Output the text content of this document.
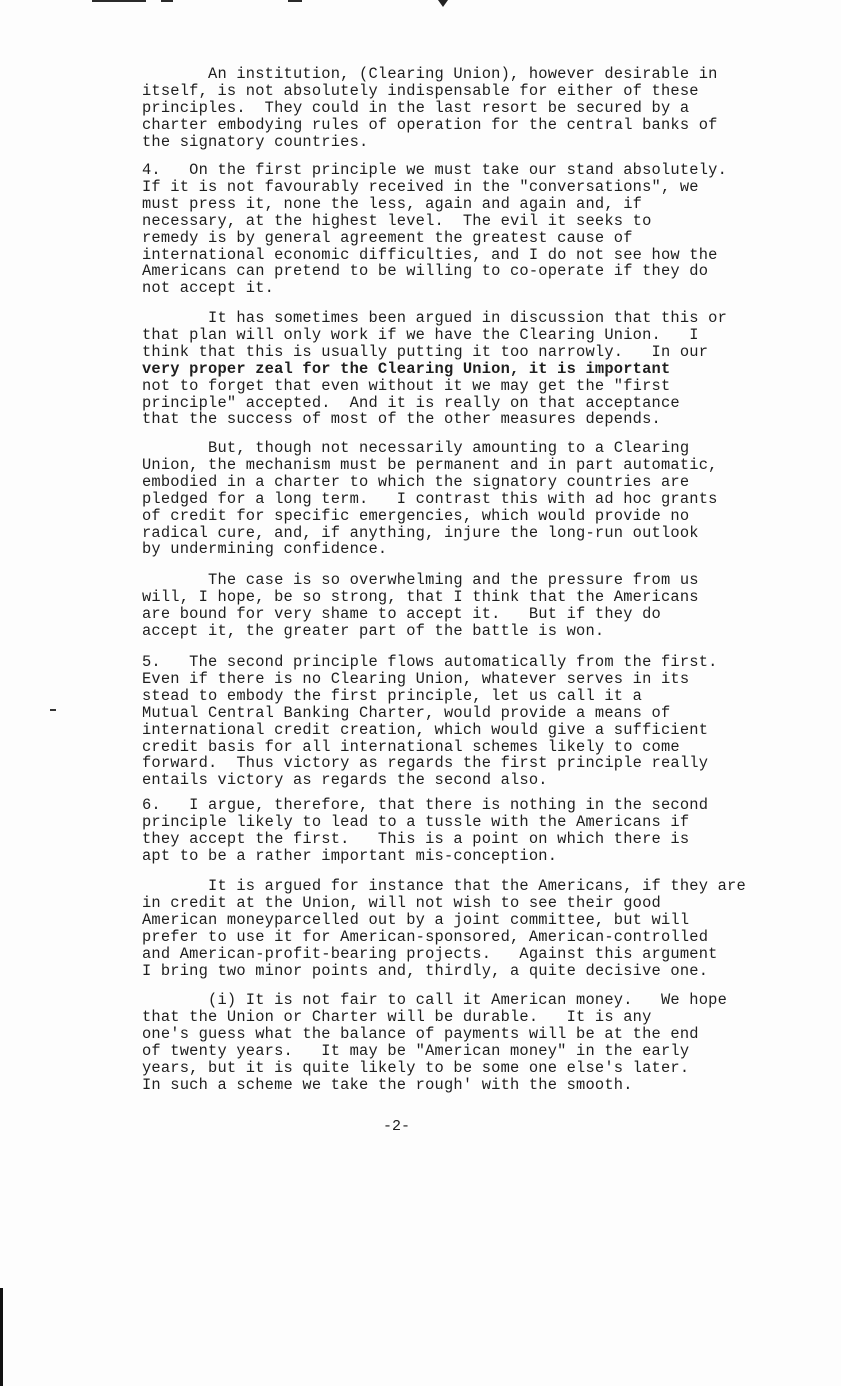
An institution, (Clearing Union), however desirable in
itself, is not absolutely indispensable for either of these
principles.  They could in the last resort be secured by a
charter embodying rules of operation for the central banks of
the signatory countries.
4.   On the first principle we must take our stand absolutely.
If it is not favourably received in the "conversations", we
must press it, none the less, again and again and, if
necessary, at the highest level.  The evil it seeks to
remedy is by general agreement the greatest cause of
international economic difficulties, and I do not see how the
Americans can pretend to be willing to co-operate if they do
not accept it.
It has sometimes been argued in discussion that this or
that plan will only work if we have the Clearing Union.   I
think that this is usually putting it too narrowly.   In our
very proper zeal for the Clearing Union, it is important
not to forget that even without it we may get the "first
principle" accepted.  And it is really on that acceptance
that the success of most of the other measures depends.
But, though not necessarily amounting to a Clearing
Union, the mechanism must be permanent and in part automatic,
embodied in a charter to which the signatory countries are
pledged for a long term.   I contrast this with ad hoc grants
of credit for specific emergencies, which would provide no
radical cure, and, if anything, injure the long-run outlook
by undermining confidence.
The case is so overwhelming and the pressure from us
will, I hope, be so strong, that I think that the Americans
are bound for very shame to accept it.   But if they do
accept it, the greater part of the battle is won.
5.   The second principle flows automatically from the first.
Even if there is no Clearing Union, whatever serves in its
stead to embody the first principle, let us call it a
Mutual Central Banking Charter, would provide a means of
international credit creation, which would give a sufficient
credit basis for all international schemes likely to come
forward.  Thus victory as regards the first principle really
entails victory as regards the second also.
6.   I argue, therefore, that there is nothing in the second
principle likely to lead to a tussle with the Americans if
they accept the first.   This is a point on which there is
apt to be a rather important mis-conception.
It is argued for instance that the Americans, if they are
in credit at the Union, will not wish to see their good
American moneyparcelled out by a joint committee, but will
prefer to use it for American-sponsored, American-controlled
and American-profit-bearing projects.   Against this argument
I bring two minor points and, thirdly, a quite decisive one.
(i) It is not fair to call it American money.   We hope
that the Union or Charter will be durable.   It is any
one's guess what the balance of payments will be at the end
of twenty years.   It may be "American money" in the early
years, but it is quite likely to be some one else's later.
In such a scheme we take the rough' with the smooth.
-2-
